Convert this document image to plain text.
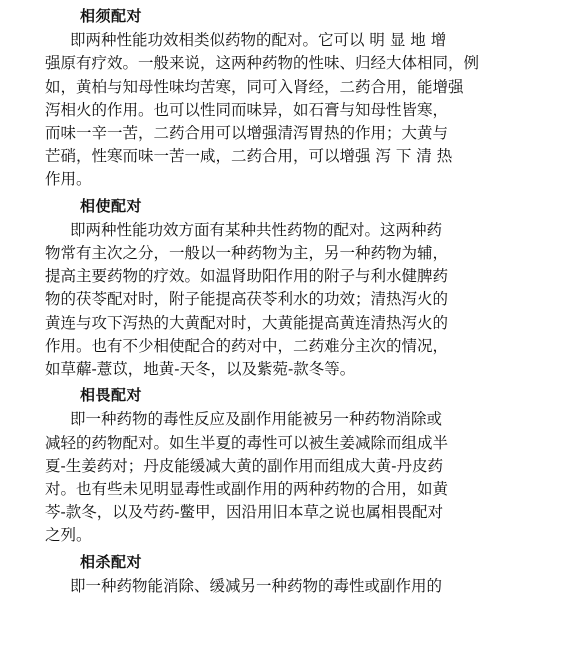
相须配对
即两种性能功效相类似药物的配对。它可以 明 显 地 增
强原有疗效。一般来说，这两种药物的性味、归经大体相同，例
如，黄柏与知母性味均苦寒，同可入肾经，二药合用，能增强
泻相火的作用。也可以性同而味异，如石膏与知母性皆寒，
而味一辛一苦，二药合用可以增强清泻胃热的作用；大黄与
芒硝，性寒而味一苦一咸，二药合用，可以增强 泻 下 清 热
作用。
相使配对
即两种性能功效方面有某种共性药物的配对。这两种药
物常有主次之分，一般以一种药物为主，另一种药物为辅，
提高主要药物的疗效。如温肾助阳作用的附子与利水健脾药
物的茯苓配对时，附子能提高茯苓利水的功效；清热泻火的
黄连与攻下泻热的大黄配对时，大黄能提高黄连清热泻火的
作用。也有不少相使配合的药对中，二药难分主次的情况，
如草薢-薏苡，地黄-天冬，以及紫菀-款冬等。
相畏配对
即一种药物的毒性反应及副作用能被另一种药物消除或
减轻的药物配对。如生半夏的毒性可以被生姜减除而组成半
夏-生姜药对；丹皮能缓减大黄的副作用而组成大黄-丹皮药
对。也有些未见明显毒性或副作用的两种药物的合用，如黄
芩-款冬，以及芍药-鳖甲，因沿用旧本草之说也属相畏配对
之列。
相杀配对
即一种药物能消除、缓减另一种药物的毒性或副作用的
